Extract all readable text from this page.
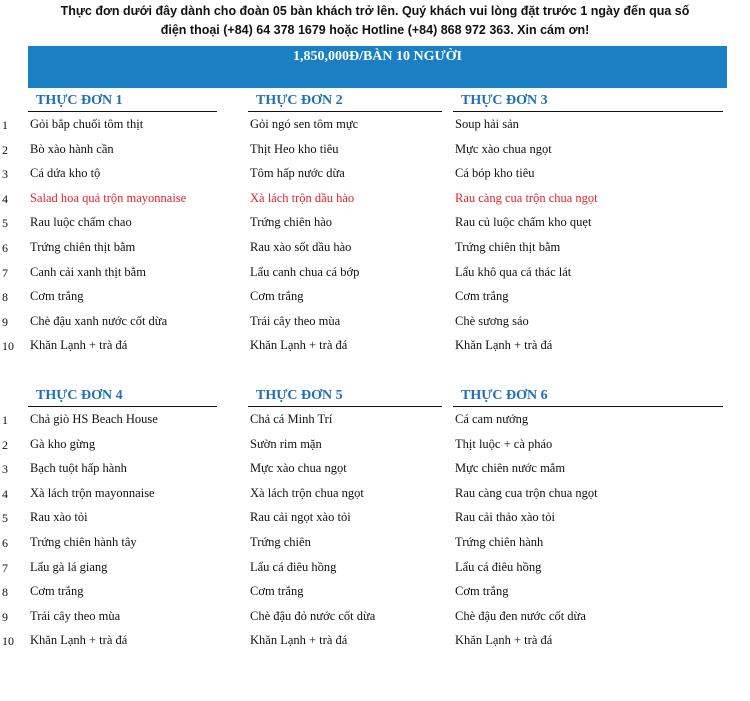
Thực đơn dưới đây dành cho đoàn 05 bàn khách trở lên. Quý khách vui lòng đặt trước 1 ngày đến qua số
điện thoại (+84) 64 378 1679 hoặc Hotline (+84) 868 972 363. Xin cám ơn!
1,850,000Đ/BÀN 10 NGƯỜI
THỰC ĐƠN 1
1 Gỏi bắp chuối tôm thịt
2 Bò xào hành cần
3 Cá dứa kho tộ
4 Salad hoa quả trộn mayonnaise
5 Rau luộc chấm chao
6 Trứng chiên thịt bằm
7 Canh cải xanh thịt bằm
8 Cơm trắng
9 Chè đậu xanh nước cốt dừa
10 Khăn Lạnh + trà đá
THỰC ĐƠN 2
Gỏi ngó sen tôm mực
Thịt Heo kho tiêu
Tôm hấp nước dừa
Xà lách trộn dầu hào
Trứng chiên hào
Rau xào sốt dầu hào
Lẩu canh chua cá bớp
Cơm trắng
Trái cây theo mùa
Khăn Lạnh + trà đá
THỰC ĐƠN 3
Soup hải sản
Mực xào chua ngọt
Cá bóp kho tiêu
Rau càng cua trộn chua ngọt
Rau củ luộc chấm kho quẹt
Trứng chiên thịt bằm
Lẩu khô qua cá thác lát
Cơm trắng
Chè sương sáo
Khăn Lạnh + trà đá
THỰC ĐƠN 4
1 Chả giò HS Beach House
2 Gà kho gừng
3 Bạch tuột hấp hành
4 Xà lách trộn mayonnaise
5 Rau xào tỏi
6 Trứng chiên hành tây
7 Lẩu gà lá giang
8 Cơm trắng
9 Trái cây theo mùa
10 Khăn Lạnh + trà đá
THỰC ĐƠN 5
Chả cá Minh Trí
Sườn rim mặn
Mực xào chua ngọt
Xà lách trộn chua ngọt
Rau cải ngọt xào tỏi
Trứng chiên
Lẩu cá điêu hồng
Cơm trắng
Chè đậu đỏ nước cốt dừa
Khăn Lạnh + trà đá
THỰC ĐƠN 6
Cá cam nướng
Thịt luộc + cà pháo
Mực chiên nước mắm
Rau càng cua trộn chua ngọt
Rau cải thảo xào tỏi
Trứng chiên hành
Lẩu cá điêu hồng
Cơm trắng
Chè đậu đen nước cốt dừa
Khăn Lạnh + trà đá
